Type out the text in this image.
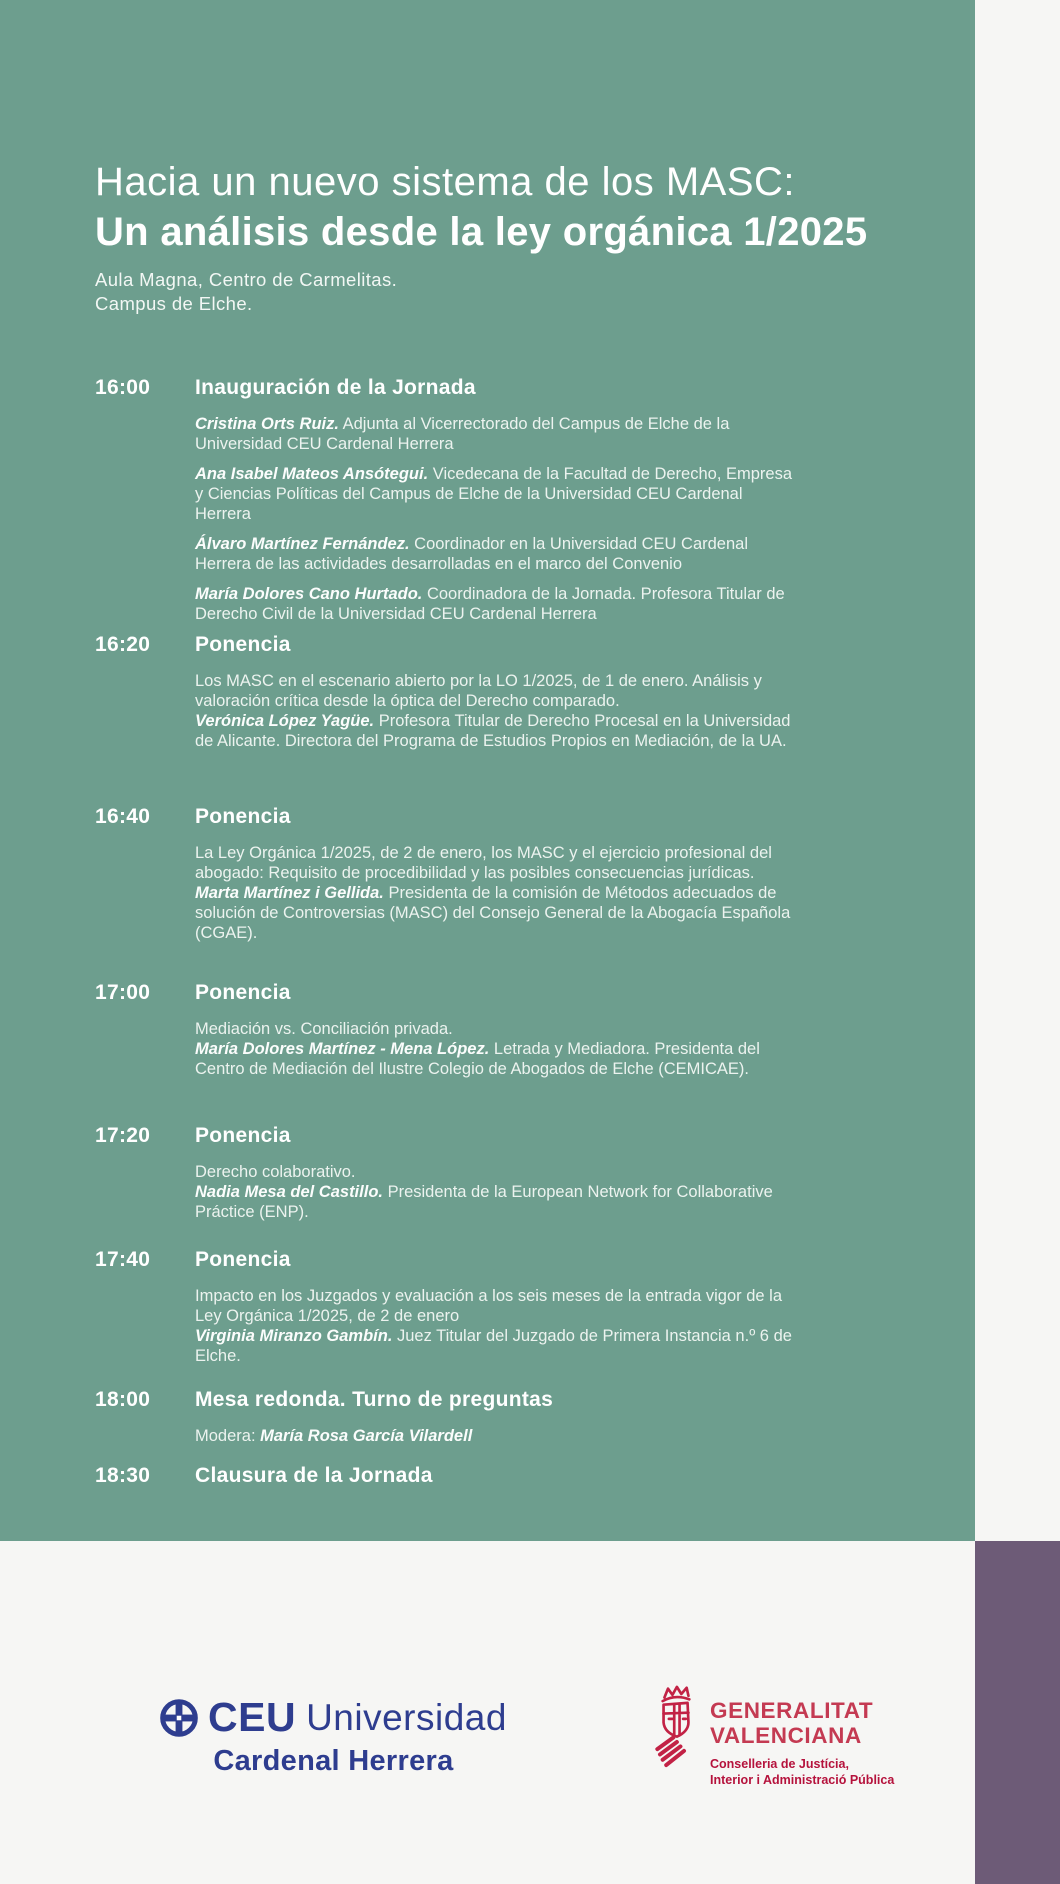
Hacia un nuevo sistema de los MASC:
Un análisis desde la ley orgánica 1/2025
Aula Magna, Centro de Carmelitas.
Campus de Elche.
16:00	Inauguración de la Jornada

Cristina Orts Ruiz. Adjunta al Vicerrectorado del Campus de Elche de la Universidad CEU Cardenal Herrera

Ana Isabel Mateos Ansótegui. Vicedecana de la Facultad de Derecho, Empresa y Ciencias Políticas del Campus de Elche de la Universidad CEU Cardenal Herrera

Álvaro Martínez Fernández. Coordinador en la Universidad CEU Cardenal Herrera de las actividades desarrolladas en el marco del Convenio

María Dolores Cano Hurtado. Coordinadora de la Jornada. Profesora Titular de Derecho Civil de la Universidad CEU Cardenal Herrera

16:20	Ponencia
Los MASC en el escenario abierto por la LO 1/2025, de 1 de enero. Análisis y valoración crítica desde la óptica del Derecho comparado.

Verónica López Yagüe. Profesora Titular de Derecho Procesal en la Universidad de Alicante. Directora del Programa de Estudios Propios en Mediación, de la UA.

16:40	Ponencia
La Ley Orgánica 1/2025, de 2 de enero, los MASC y el ejercicio profesional del abogado: Requisito de procedibilidad y las posibles consecuencias jurídicas.

Marta Martínez i Gellida. Presidenta de la comisión de Métodos adecuados de solución de Controversias (MASC) del Consejo General de la Abogacía Española (CGAE).

17:00	Ponencia
Mediación vs. Conciliación privada.

María Dolores Martínez - Mena López. Letrada y Mediadora. Presidenta del Centro de Mediación del Ilustre Colegio de Abogados de Elche (CEMICAE).

17:20	Ponencia
Derecho colaborativo.

Nadia Mesa del Castillo. Presidenta de la European Network for Collaborative Práctice (ENP).

17:40	Ponencia
Impacto en los Juzgados y evaluación a los seis meses de la entrada vigor de la Ley Orgánica 1/2025, de 2 de enero

Virginia Miranzo Gambín. Juez Titular del Juzgado de Primera Instancia n.º 6 de Elche.

18:00	Mesa redonda. Turno de preguntas

Modera: María Rosa García Vilardell

18:30	Clausura de la Jornada
CEU Universidad
Cardenal Herrera
GENERALITAT
VALENCIANA
Conselleria de Justícia,
Interior i Administració Pública
